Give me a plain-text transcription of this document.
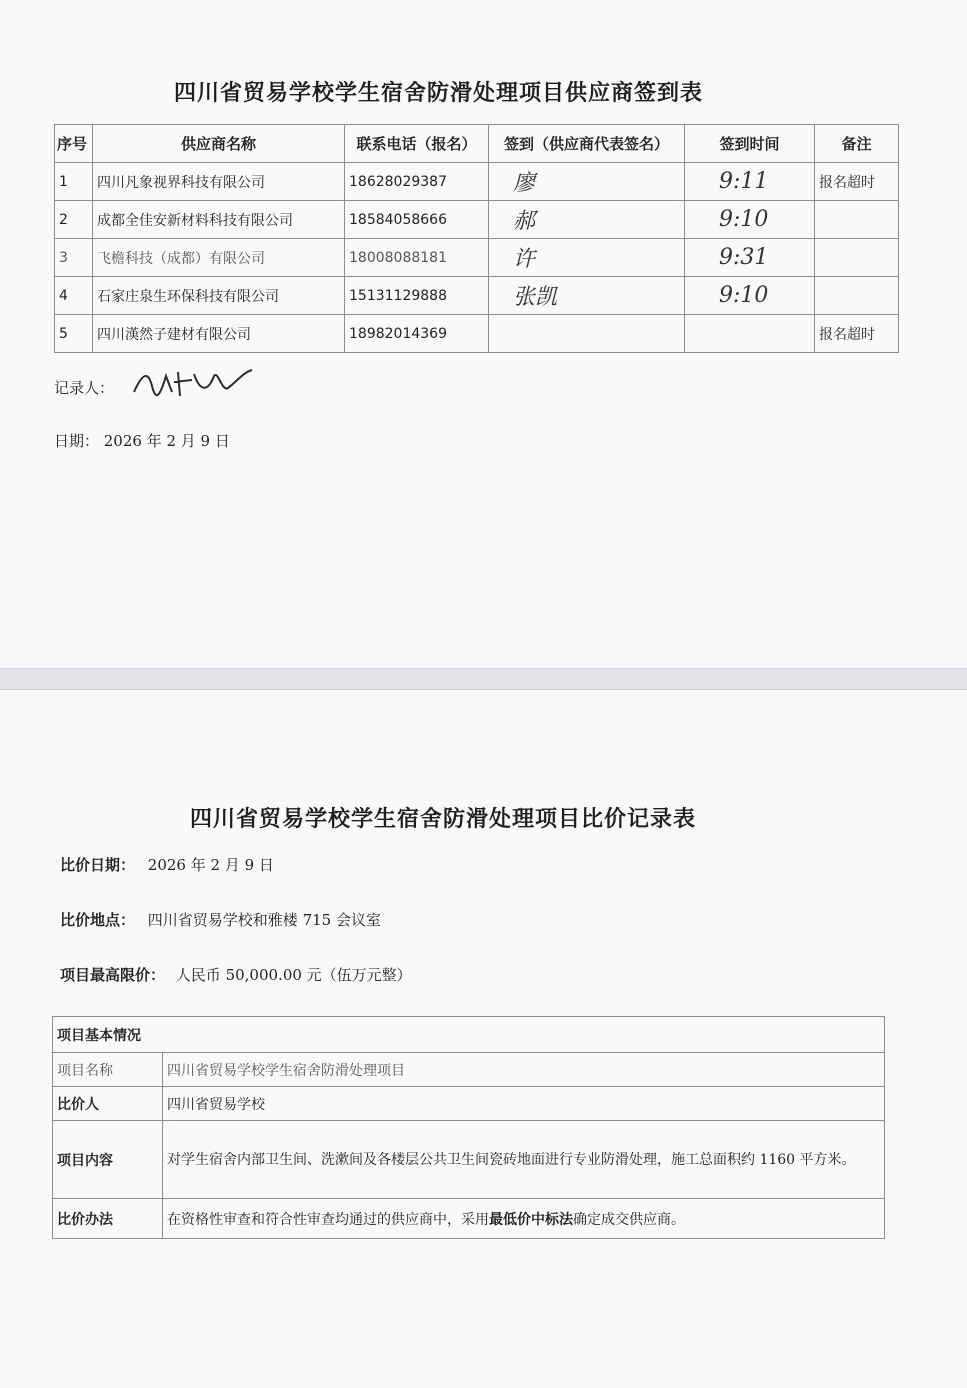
四川省贸易学校学生宿舍防滑处理项目供应商签到表
序号	供应商名称	联系电话（报名）	签到（供应商代表签名）	签到时间	备注
1	四川凡象视界科技有限公司	18628029387	廖	9:11	报名超时
2	成都全佳安新材料科技有限公司	18584058666	郝	9:10	
3	飞檐科技（成都）有限公司	18008088181	许	9:31	
4	石家庄泉生环保科技有限公司	15131129888	张凯	9:10	
5	四川漢然子建材有限公司	18982014369			报名超时
记录人：
日期： 2026 年 2 月 9 日
四川省贸易学校学生宿舍防滑处理项目比价记录表
比价日期： 2026 年 2 月 9 日
比价地点： 四川省贸易学校和雅楼 715 会议室
项目最高限价： 人民币 50,000.00 元（伍万元整）
项目基本情况	
项目名称	四川省贸易学校学生宿舍防滑处理项目
比价人	四川省贸易学校
项目内容	对学生宿舍内部卫生间、洗漱间及各楼层公共卫生间瓷砖地面进行专业防滑处理，施工总面积约 1160 平方米。
比价办法	在资格性审查和符合性审查均通过的供应商中，采用最低价中标法确定成交供应商。
